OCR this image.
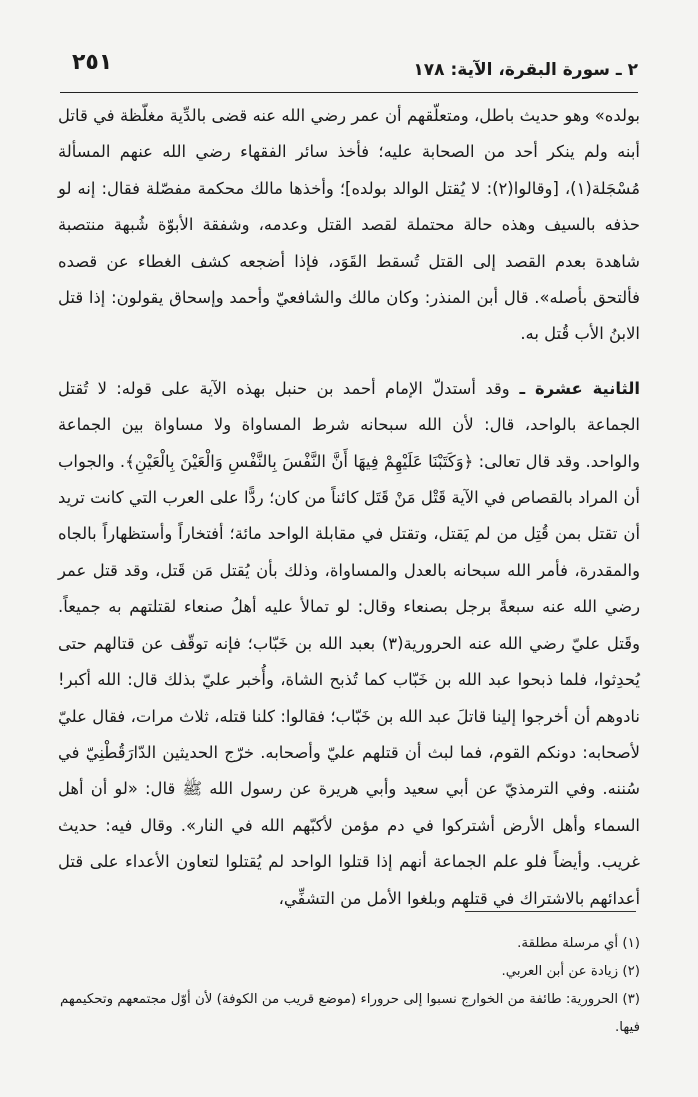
٢ ـ سورة البقرة، الآية: ١٧٨
٢٥١

بولده» وهو حديث باطل، ومتعلّقهم أن عمر رضي الله عنه قضى بالدِّية مغلّظة في قاتل أبنه ولم ينكر أحد من الصحابة عليه؛ فأخذ سائر الفقهاء رضي الله عنهم المسألة مُسْجَلة(١)، [وقالوا(٢): لا يُقتل الوالد بولده]؛ وأخذها مالك محكمة مفصّلة فقال: إنه لو حذفه بالسيف وهذه حالة محتملة لقصد القتل وعدمه، وشفقة الأبوّة شُبهة منتصبة شاهدة بعدم القصد إلى القتل تُسقط القَوَد، فإذا أضجعه كشف الغطاء عن قصده فألتحق بأصله». قال أبن المنذر: وكان مالك والشافعيّ وأحمد وإسحاق يقولون: إذا قتل الابنُ الأب قُتل به.

الثانية عشرة ـ وقد أستدلّ الإمام أحمد بن حنبل بهذه الآية على قوله: لا تُقتل الجماعة بالواحد، قال: لأن الله سبحانه شرط المساواة ولا مساواة بين الجماعة والواحد. وقد قال تعالى: ﴿وَكَتَبْنَا عَلَيْهِمْ فِيهَا أَنَّ النَّفْسَ بِالنَّفْسِ وَالْعَيْنَ بِالْعَيْنِ﴾. والجواب أن المراد بالقصاص في الآية قَتْل مَنْ قَتَل كائناً من كان؛ ردًّا على العرب التي كانت تريد أن تقتل بمن قُتِل من لم يَقتل، وتقتل في مقابلة الواحد مائة؛ أفتخاراً وأستظهاراً بالجاه والمقدرة، فأمر الله سبحانه بالعدل والمساواة، وذلك بأن يُقتل مَن قَتل، وقد قتل عمر رضي الله عنه سبعةً برجل بصنعاء وقال: لو تمالأ عليه أهلُ صنعاء لقتلتهم به جميعاً. وقَتل عليّ رضي الله عنه الحرورية(٣) بعبد الله بن خَبّاب؛ فإنه توقّف عن قتالهم حتى يُحدِثوا، فلما ذبحوا عبد الله بن خَبّاب كما تُذبح الشاة، وأُخبر عليّ بذلك قال: الله أكبر! نادوهم أن أخرجوا إلينا قاتلَ عبد الله بن خَبّاب؛ فقالوا: كلنا قتله، ثلاث مرات، فقال عليّ لأصحابه: دونكم القوم، فما لبث أن قتلهم عليّ وأصحابه. خرّج الحديثين الدّارَقُطْنِيّ في سُننه. وفي الترمذيّ عن أبي سعيد وأبي هريرة عن رسول الله ﷺ قال: «لو أن أهل السماء وأهل الأرض أشتركوا في دم مؤمن لأكبّهم الله في النار». وقال فيه: حديث غريب. وأيضاً فلو علم الجماعة أنهم إذا قتلوا الواحد لم يُقتلوا لتعاون الأعداء على قتل أعدائهم بالاشتراك في قتلهم وبلغوا الأمل من التشفِّي،

(١) أي مرسلة مطلقة.

(٢) زيادة عن أبن العربي.

(٣) الحرورية: طائفة من الخوارج نسبوا إلى حروراء (موضع قريب من الكوفة) لأن أوّل مجتمعهم وتحكيمهم فيها.
